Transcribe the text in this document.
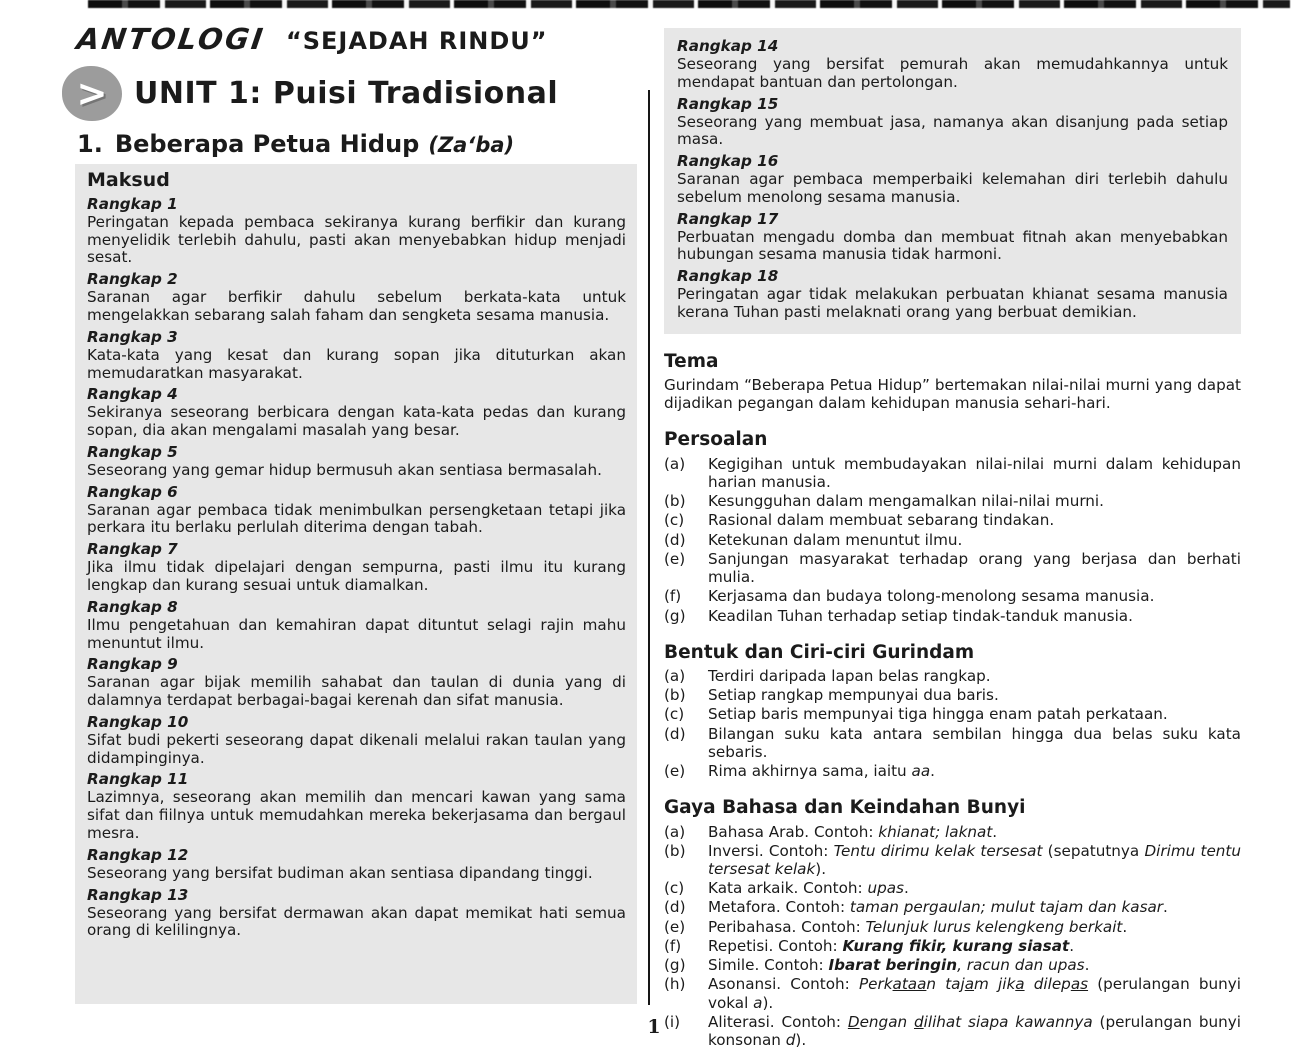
ANTOLOGI “SEJADAH RINDU”
> UNIT 1: Puisi Tradisional
1. Beberapa Petua Hidup (Za‘ba)
Maksud
Rangkap 1
Peringatan kepada pembaca sekiranya kurang berfikir dan kurang menyelidik terlebih dahulu, pasti akan menyebabkan hidup menjadi sesat.
Rangkap 2
Saranan agar berfikir dahulu sebelum berkata-kata untuk mengelakkan sebarang salah faham dan sengketa sesama manusia.
Rangkap 3
Kata-kata yang kesat dan kurang sopan jika dituturkan akan memudaratkan masyarakat.
Rangkap 4
Sekiranya seseorang berbicara dengan kata-kata pedas dan kurang sopan, dia akan mengalami masalah yang besar.
Rangkap 5
Seseorang yang gemar hidup bermusuh akan sentiasa bermasalah.
Rangkap 6
Saranan agar pembaca tidak menimbulkan persengketaan tetapi jika perkara itu berlaku perlulah diterima dengan tabah.
Rangkap 7
Jika ilmu tidak dipelajari dengan sempurna, pasti ilmu itu kurang lengkap dan kurang sesuai untuk diamalkan.
Rangkap 8
Ilmu pengetahuan dan kemahiran dapat dituntut selagi rajin mahu menuntut ilmu.
Rangkap 9
Saranan agar bijak memilih sahabat dan taulan di dunia yang di dalamnya terdapat berbagai-bagai kerenah dan sifat manusia.
Rangkap 10
Sifat budi pekerti seseorang dapat dikenali melalui rakan taulan yang didampinginya.
Rangkap 11
Lazimnya, seseorang akan memilih dan mencari kawan yang sama sifat dan fiilnya untuk memudahkan mereka bekerjasama dan bergaul mesra.
Rangkap 12
Seseorang yang bersifat budiman akan sentiasa dipandang tinggi.
Rangkap 13
Seseorang yang bersifat dermawan akan dapat memikat hati semua orang di kelilingnya.
Rangkap 14
Seseorang yang bersifat pemurah akan memudahkannya untuk mendapat bantuan dan pertolongan.
Rangkap 15
Seseorang yang membuat jasa, namanya akan disanjung pada setiap masa.
Rangkap 16
Saranan agar pembaca memperbaiki kelemahan diri terlebih dahulu sebelum menolong sesama manusia.
Rangkap 17
Perbuatan mengadu domba dan membuat fitnah akan menyebabkan hubungan sesama manusia tidak harmoni.
Rangkap 18
Peringatan agar tidak melakukan perbuatan khianat sesama manusia kerana Tuhan pasti melaknati orang yang berbuat demikian.
Tema

Gurindam “Beberapa Petua Hidup” bertemakan nilai-nilai murni yang dapat dijadikan pegangan dalam kehidupan manusia sehari-hari.

Persoalan
(a)	Kegigihan untuk membudayakan nilai-nilai murni dalam kehidupan harian manusia.
(b)	Kesungguhan dalam mengamalkan nilai-nilai murni.
(c)	Rasional dalam membuat sebarang tindakan.
(d)	Ketekunan dalam menuntut ilmu.
(e)	Sanjungan masyarakat terhadap orang yang berjasa dan berhati mulia.
(f)	Kerjasama dan budaya tolong-menolong sesama manusia.
(g)	Keadilan Tuhan terhadap setiap tindak-tanduk manusia.
Bentuk dan Ciri-ciri Gurindam
(a)	Terdiri daripada lapan belas rangkap.
(b)	Setiap rangkap mempunyai dua baris.
(c)	Setiap baris mempunyai tiga hingga enam patah perkataan.
(d)	Bilangan suku kata antara sembilan hingga dua belas suku kata sebaris.
(e)	Rima akhirnya sama, iaitu aa.
Gaya Bahasa dan Keindahan Bunyi
(a)	Bahasa Arab. Contoh: khianat; laknat.
(b)	Inversi. Contoh: Tentu dirimu kelak tersesat (sepatutnya Dirimu tentu tersesat kelak).
(c)	Kata arkaik. Contoh: upas.
(d)	Metafora. Contoh: taman pergaulan; mulut tajam dan kasar.
(e)	Peribahasa. Contoh: Telunjuk lurus kelengkeng berkait.
(f)	Repetisi. Contoh: Kurang fikir, kurang siasat.
(g)	Simile. Contoh: Ibarat beringin, racun dan upas.
(h)	Asonansi. Contoh: Perkataan tajam jika dilepas (perulangan bunyi vokal a).
(i)	Aliterasi. Contoh: Dengan dilihat siapa kawannya (perulangan bunyi konsonan d).
1
